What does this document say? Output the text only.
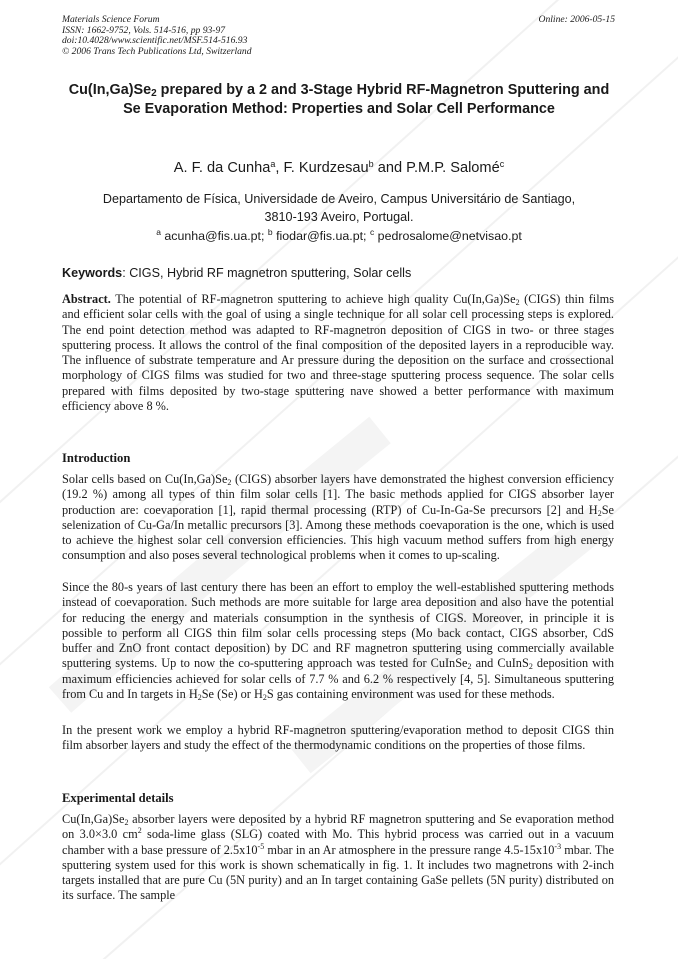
Materials Science Forum
ISSN: 1662-9752, Vols. 514-516, pp 93-97
doi:10.4028/www.scientific.net/MSF.514-516.93
© 2006 Trans Tech Publications Ltd, Switzerland
Online: 2006-05-15
$Cu(In,Ga)Se_2$ prepared by a 2 and 3-Stage Hybrid RF-Magnetron Sputtering and Se Evaporation Method: Properties and Solar Cell Performance
A. F. da Cunha$^a$, F. Kurdzesau$^b$ and P.M.P. Salomé$^c$
Departamento de Física, Universidade de Aveiro, Campus Universitário de Santiago,
3810-193 Aveiro, Portugal.
$^a$ acunha@fis.ua.pt; $^b$ fiodar@fis.ua.pt; $^c$ pedrosalome@netvisao.pt
Keywords: CIGS, Hybrid RF magnetron sputtering, Solar cells
Abstract. The potential of RF-magnetron sputtering to achieve high quality $Cu(In,Ga)Se_2$ (CIGS) thin films and efficient solar cells with the goal of using a single technique for all solar cell processing steps is explored. The end point detection method was adapted to RF-magnetron deposition of CIGS in two- or three stages sputtering process. It allows the control of the final composition of the deposited layers in a reproducible way. The influence of substrate temperature and Ar pressure during the deposition on the surface and crossectional morphology of CIGS films was studied for two and three-stage sputtering process sequence. The solar cells prepared with films deposited by two-stage sputtering nave showed a better performance with maximum efficiency above 8 %.
Introduction
Solar cells based on $Cu(In,Ga)Se_2$ (CIGS) absorber layers have demonstrated the highest conversion efficiency (19.2 %) among all types of thin film solar cells [1]. The basic methods applied for CIGS absorber layer production are: coevaporation [1], rapid thermal processing (RTP) of Cu-In-Ga-Se precursors [2] and $H_2Se$ selenization of Cu-Ga/In metallic precursors [3]. Among these methods coevaporation is the one, which is used to achieve the highest solar cell conversion efficiencies. This high vacuum method suffers from high energy consumption and also poses several technological problems when it comes to up-scaling.
Since the 80-s years of last century there has been an effort to employ the well-established sputtering methods instead of coevaporation. Such methods are more suitable for large area deposition and also have the potential for reducing the energy and materials consumption in the synthesis of CIGS. Moreover, in principle it is possible to perform all CIGS thin film solar cells processing steps (Mo back contact, CIGS absorber, CdS buffer and ZnO front contact deposition) by DC and RF magnetron sputtering using commercially available sputtering systems. Up to now the co-sputtering approach was tested for CuInSe$_2$ and CuInS$_2$ deposition with maximum efficiencies achieved for solar cells of 7.7 % and 6.2 % respectively [4, 5]. Simultaneous sputtering from Cu and In targets in $H_2Se$ (Se) or $H_2S$ gas containing environment was used for these methods.
In the present work we employ a hybrid RF-magnetron sputtering/evaporation method to deposit CIGS thin film absorber layers and study the effect of the thermodynamic conditions on the properties of those films.
Experimental details
$Cu(In,Ga)Se_2$ absorber layers were deposited by a hybrid RF magnetron sputtering and Se evaporation method on 3.0×3.0 $cm^2$ soda-lime glass (SLG) coated with Mo. This hybrid process was carried out in a vacuum chamber with a base pressure of $2.5x10^{-5}$ mbar in an Ar atmosphere in the pressure range $4.5-15x10^{-3}$ mbar. The sputtering system used for this work is shown schematically in fig. 1. It includes two magnetrons with 2-inch targets installed that are pure Cu (5N purity) and an In target containing GaSe pellets (5N purity) distributed on its surface. The sample
